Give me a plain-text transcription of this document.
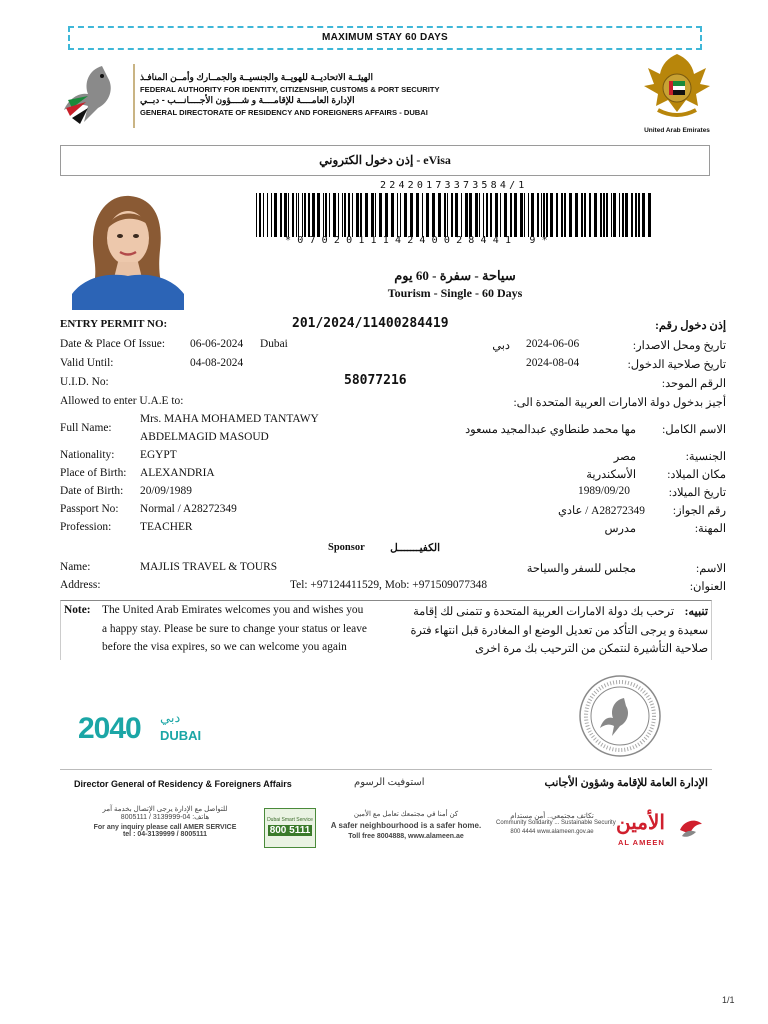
MAXIMUM STAY 60 DAYS
الهيئــة الاتحاديــة للهويــة والجنسيــة والجمــارك وأمــن المنافـذ
FEDERAL AUTHORITY FOR IDENTITY, CITIZENSHIP, CUSTOMS & PORT SECURITY
الإدارة العامــــة للإقامــــة و شــــؤون الأجــــانـــب - دبــي
GENERAL DIRECTORATE OF RESIDENCY AND FOREIGNERS AFFAIRS - DUBAI
United Arab Emirates
إذن دخول الكتروني - eVisa
22420173373584/1
*070201114240028441 9*
سياحة - سفرة - 60 يوم
Tourism - Single - 60 Days
ENTRY PERMIT NO:	201/2024/11400284419	إذن دخول رقم:
Date & Place Of Issue: 06-06-2024 Dubai	دبي 2024-06-06	تاريخ ومحل الاصدار:
Valid Until:	04-08-2024	2024-08-04	تاريخ صلاحية الدخول:
U.I.D. No:	58077216	الرقم الموحد:
Allowed to enter U.A.E to:	أجيز بدخول دولة الامارات العربية المتحدة الى:
Full Name:
Mrs. MAHA MOHAMED TANTAWY
ABDELMAGID MASOUD
مها محمد طنطاوي عبدالمجيد مسعود الاسم الكامل:
Nationality: EGYPT	مصر	الجنسية:
Place of Birth: ALEXANDRIA	الأسكندرية	مكان الميلاد:
Date of Birth: 20/09/1989	1989/09/20	تاريخ الميلاد:
Passport No: Normal / A28272349	عادي / A28272349 رقم الجواز:
Profession:	TEACHER	مدرس	المهنة:
Sponsor الكفيـــــــل
Name:	MAJLIS TRAVEL & TOURS	مجلس للسفر والسياحة	الاسم:
Address:	Tel: +97124411529, Mob: +971509077348	العنوان:
Note: The United Arab Emirates welcomes you and wishes you
a happy stay. Please be sure to change your status or leave
before the visa expires, so we can welcome you again
تنبيه:
ترحب بك دولة الامارات العربية المتحدة و تتمنى لك إقامة
سعيدة و يرجى التأكد من تعديل الوضع او المغادرة قبل انتهاء فترة
صلاحية التأشيرة لنتمكن من الترحيب بك مرة اخرى
2040 دبي
DUBAI
Director General of Residency & Foreigners Affairs	استوفيت الرسوم	الإدارة العامة للإقامة وشؤون الأجانب
للتواصل مع الإدارة يرجى الإتصال بخدمة آمر
هاتف: 04-3139999 / 8005111
For any inquiry please call AMER SERVICE
tel : 04-3139999 / 8005111
Dubai Smart Service
800 5111
كن أمنا في مجتمعك تعامل مع الأمين
A safer neighbourhood is a safer home.
Toll free 8004888, www.alameen.ae
تكاتف مجتمعي.. أمن مستدام
Community Solidarity ... Sustainable Security
800 4444 www.alameen.gov.ae	الأمين
AL AMEEN
1/1
